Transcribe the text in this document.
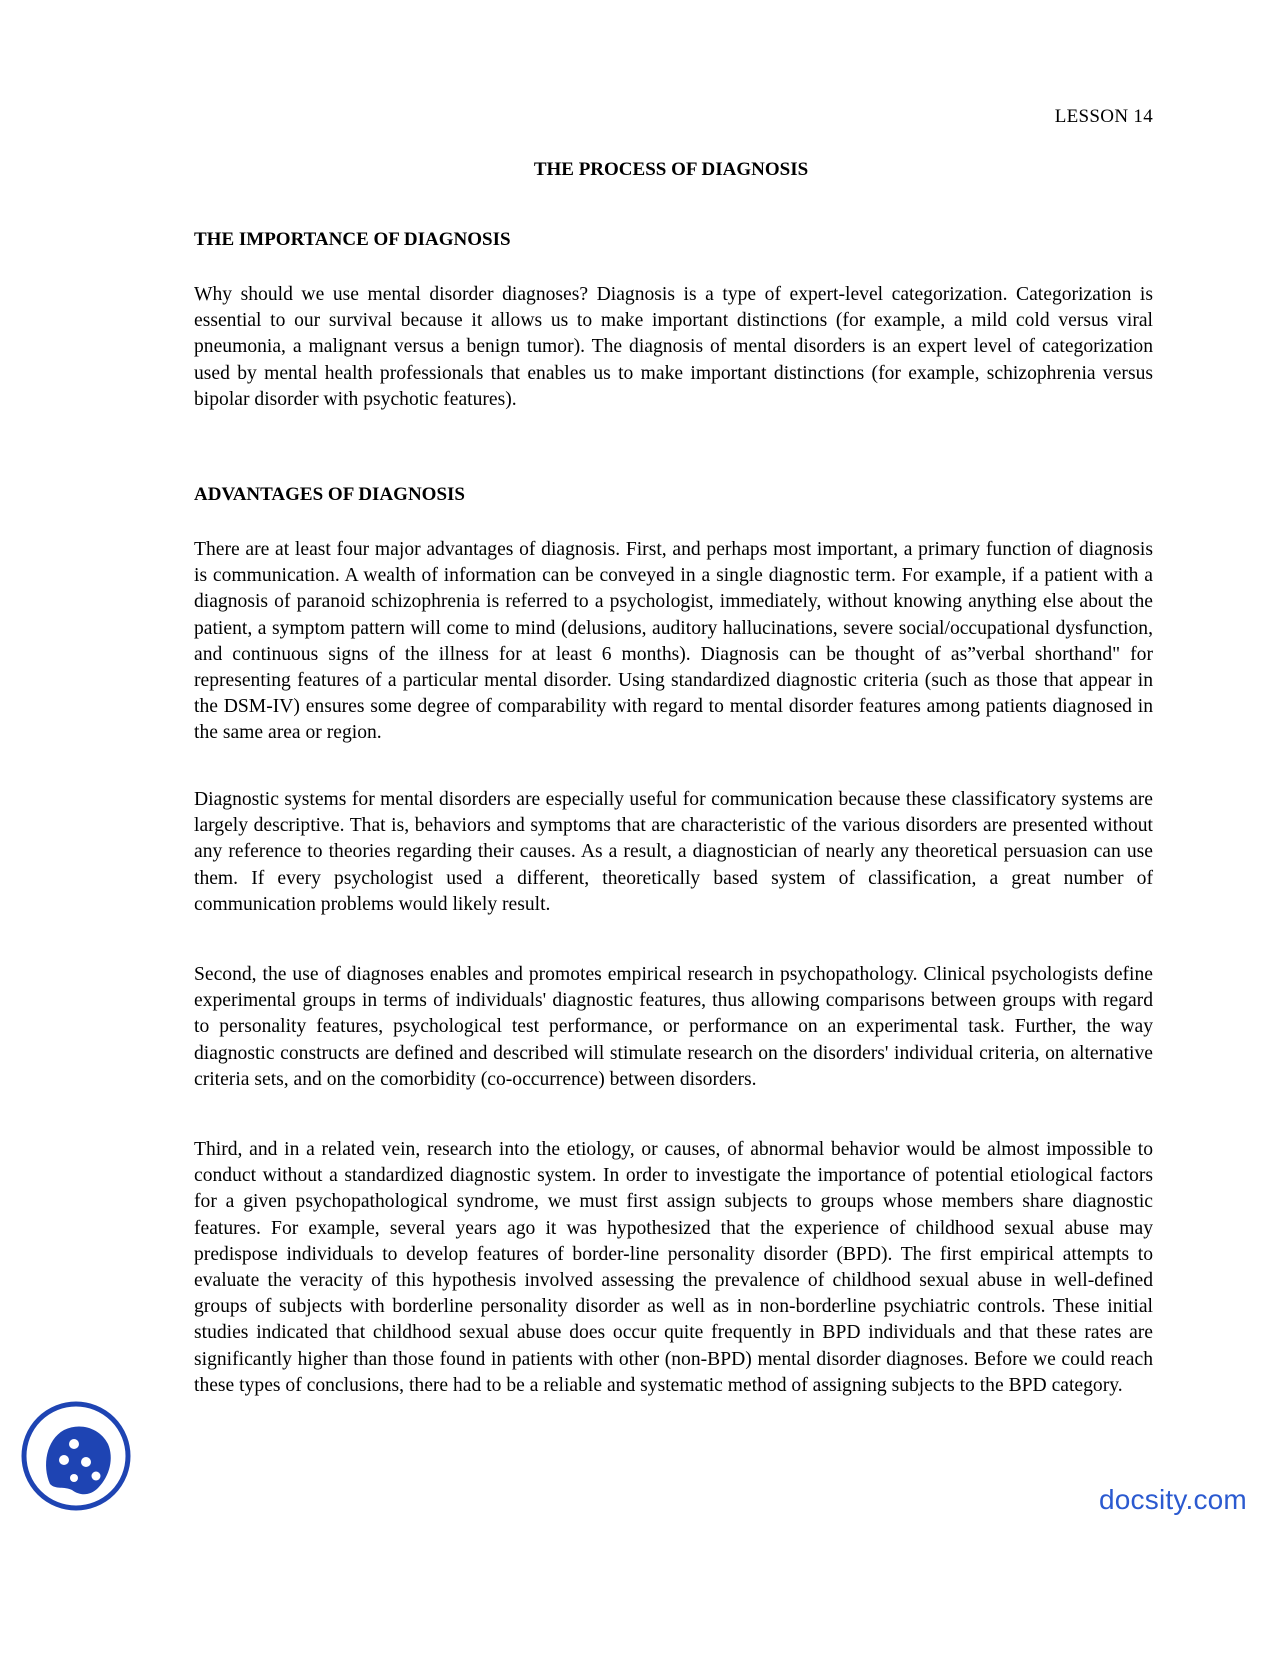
LESSON 14
THE PROCESS OF DIAGNOSIS
THE IMPORTANCE OF DIAGNOSIS

Why should we use mental disorder diagnoses? Diagnosis is a type of expert-level categorization. Categorization is essential to our survival because it allows us to make important distinctions (for example, a mild cold versus viral pneumonia, a malignant versus a benign tumor). The diagnosis of mental disorders is an expert level of categorization used by mental health professionals that enables us to make important distinctions (for example, schizophrenia versus bipolar disorder with psychotic features).

ADVANTAGES OF DIAGNOSIS

There are at least four major advantages of diagnosis. First, and perhaps most important, a primary function of diagnosis is communication. A wealth of information can be conveyed in a single diagnostic term. For example, if a patient with a diagnosis of paranoid schizophrenia is referred to a psychologist, immediately, without knowing anything else about the patient, a symptom pattern will come to mind (delusions, auditory hallucinations, severe social/occupational dysfunction, and continuous signs of the illness for at least 6 months). Diagnosis can be thought of as”verbal shorthand" for representing features of a particular mental disorder. Using standardized diagnostic criteria (such as those that appear in the DSM-IV) ensures some degree of comparability with regard to mental disorder features among patients diagnosed in the same area or region.

Diagnostic systems for mental disorders are especially useful for communication because these classificatory systems are largely descriptive. That is, behaviors and symptoms that are characteristic of the various disorders are presented without any reference to theories regarding their causes. As a result, a diagnostician of nearly any theoretical persuasion can use them. If every psychologist used a different, theoretically based system of classification, a great number of communication problems would likely result.

Second, the use of diagnoses enables and promotes empirical research in psychopathology. Clinical psychologists define experimental groups in terms of individuals' diagnostic features, thus allowing comparisons between groups with regard to personality features, psychological test performance, or performance on an experimental task. Further, the way diagnostic constructs are defined and described will stimulate research on the disorders' individual criteria, on alternative criteria sets, and on the comorbidity (co-occurrence) between disorders.

Third, and in a related vein, research into the etiology, or causes, of abnormal behavior would be almost impossible to conduct without a standardized diagnostic system. In order to investigate the importance of potential etiological factors for a given psychopathological syndrome, we must first assign subjects to groups whose members share diagnostic features. For example, several years ago it was hypothesized that the experience of childhood sexual abuse may predispose individuals to develop features of border-line personality disorder (BPD). The first empirical attempts to evaluate the veracity of this hypothesis involved assessing the prevalence of childhood sexual abuse in well-defined groups of subjects with borderline personality disorder as well as in non-borderline psychiatric controls. These initial studies indicated that childhood sexual abuse does occur quite frequently in BPD individuals and that these rates are significantly higher than those found in patients with other (non-BPD) mental disorder diagnoses. Before we could reach these types of conclusions, there had to be a reliable and systematic method of assigning subjects to the BPD category.

docsity.com
